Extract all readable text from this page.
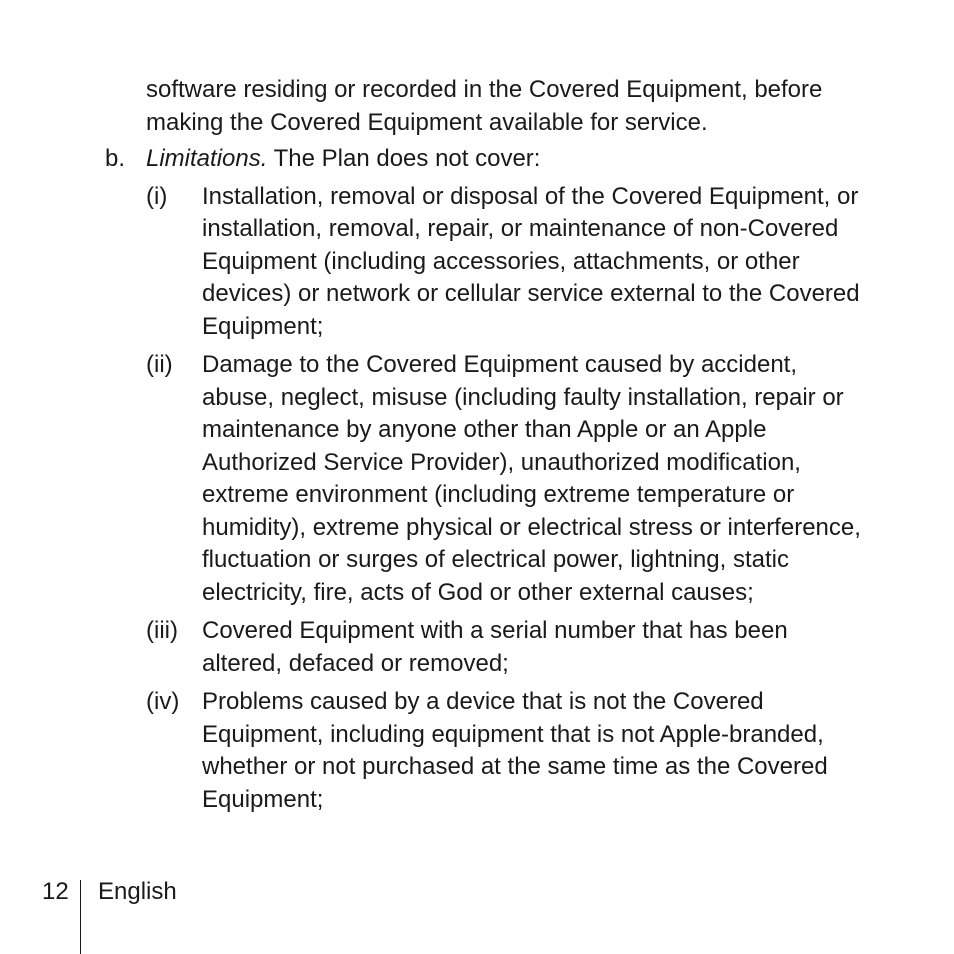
software residing or recorded in the Covered Equipment, before making the Covered Equipment available for service.

b. Limitations. The Plan does not cover:
(i) Installation, removal or disposal of the Covered Equipment, or installation, removal, repair, or maintenance of non-Covered Equipment (including accessories, attachments, or other devices) or network or cellular service external to the Covered Equipment;
(ii) Damage to the Covered Equipment caused by accident, abuse, neglect, misuse (including faulty installation, repair or maintenance by anyone other than Apple or an Apple Authorized Service Provider), unauthorized modification, extreme environment (including extreme temperature or humidity), extreme physical or electrical stress or interference, fluctuation or surges of electrical power, lightning, static electricity, fire, acts of God or other external causes;
(iii) Covered Equipment with a serial number that has been altered, defaced or removed;
(iv) Problems caused by a device that is not the Covered Equipment, including equipment that is not Apple-branded, whether or not purchased at the same time as the Covered Equipment;
12 English
